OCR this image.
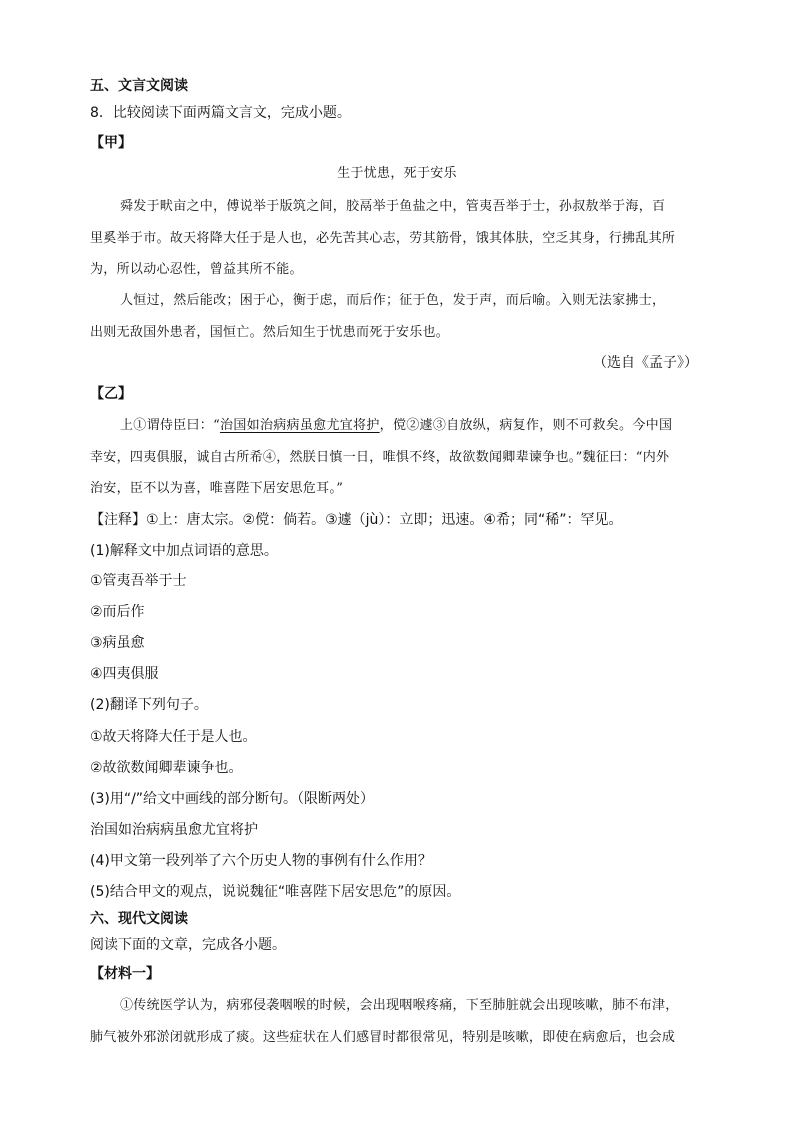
五、文言文阅读
8．比较阅读下面两篇文言文，完成小题。
【甲】
生于忧患，死于安乐
舜发于畎亩之中，傅说举于版筑之间，胶鬲举于鱼盐之中，管夷吾举于士，孙叔敖举于海，百
里奚举于市。故天将降大任于是人也，必先苦其心志，劳其筋骨，饿其体肤，空乏其身，行拂乱其所
为，所以动心忍性，曾益其所不能。
人恒过，然后能改；困于心，衡于虑，而后作；征于色，发于声，而后喻。入则无法家拂士，
出则无敌国外患者，国恒亡。然后知生于忧患而死于安乐也。
（选自《孟子》）
【乙】
上①谓侍臣曰：“治国如治病病虽愈尤宜将护，傥②遽③自放纵，病复作，则不可救矣。今中国
幸安，四夷俱服，诚自古所希④，然朕日慎一日，唯惧不终，故欲数闻卿辈谏争也。”魏征曰：“内外
治安，臣不以为喜，唯喜陛下居安思危耳。”
【注释】①上：唐太宗。②傥：倘若。③遽（jù）：立即；迅速。④希；同“稀”：罕见。
(1)解释文中加点词语的意思。
①管夷吾举于士
②而后作
③病虽愈
④四夷俱服
(2)翻译下列句子。
①故天将降大任于是人也。
②故欲数闻卿辈谏争也。
(3)用“/”给文中画线的部分断句。（限断两处）
治国如治病病虽愈尤宜将护
(4)甲文第一段列举了六个历史人物的事例有什么作用？
(5)结合甲文的观点，说说魏征“唯喜陛下居安思危”的原因。
六、现代文阅读
阅读下面的文章，完成各小题。
【材料一】
①传统医学认为，病邪侵袭咽喉的时候，会出现咽喉疼痛，下至肺脏就会出现咳嗽，肺不布津，
肺气被外邪淤闭就形成了痰。这些症状在人们感冒时都很常见，特别是咳嗽，即使在病愈后，也会成
